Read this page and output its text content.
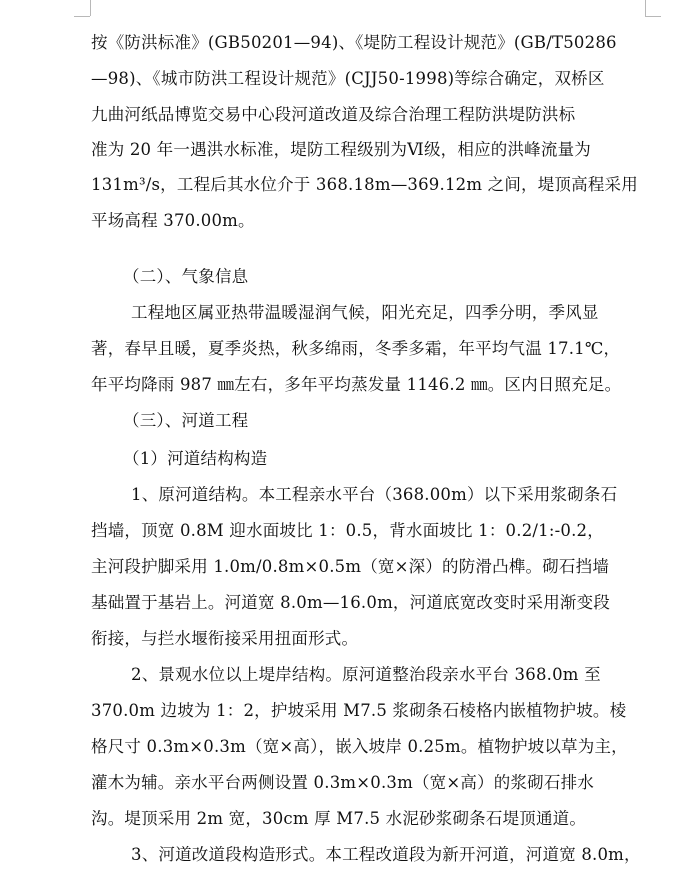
按《防洪标准》(GB50201—94)、《堤防工程设计规范》(GB/T50286
—98)、《城市防洪工程设计规范》(CJJ50-1998)等综合确定，双桥区
九曲河纸品博览交易中心段河道改道及综合治理工程防洪堤防洪标
准为 20 年一遇洪水标准，堤防工程级别为Ⅵ级，相应的洪峰流量为
131m³/s，工程后其水位介于 368.18m—369.12m 之间，堤顶高程采用
平场高程 370.00m。
（二）、气象信息
工程地区属亚热带温暖湿润气候，阳光充足，四季分明，季风显
著，春早且暖，夏季炎热，秋多绵雨，冬季多霜，年平均气温 17.1℃，
年平均降雨 987 ㎜左右，多年平均蒸发量 1146.2 ㎜。区内日照充足。
（三）、河道工程
（1）河道结构构造
1、原河道结构。本工程亲水平台（368.00m）以下采用浆砌条石
挡墙，顶宽 0.8M 迎水面坡比 1：0.5，背水面坡比 1：0.2/1:-0.2，
主河段护脚采用 1.0m/0.8m×0.5m（宽×深）的防滑凸榫。砌石挡墙
基础置于基岩上。河道宽 8.0m—16.0m，河道底宽改变时采用渐变段
衔接，与拦水堰衔接采用扭面形式。
2、景观水位以上堤岸结构。原河道整治段亲水平台 368.0m 至
370.0m 边坡为 1：2，护坡采用 M7.5 浆砌条石棱格内嵌植物护坡。棱
格尺寸 0.3m×0.3m（宽×高），嵌入坡岸 0.25m。植物护坡以草为主，
灌木为辅。亲水平台两侧设置 0.3m×0.3m（宽×高）的浆砌石排水
沟。堤顶采用 2m 宽，30cm 厚 M7.5 水泥砂浆砌条石堤顶通道。
3、河道改道段构造形式。本工程改道段为新开河道，河道宽 8.0m，
